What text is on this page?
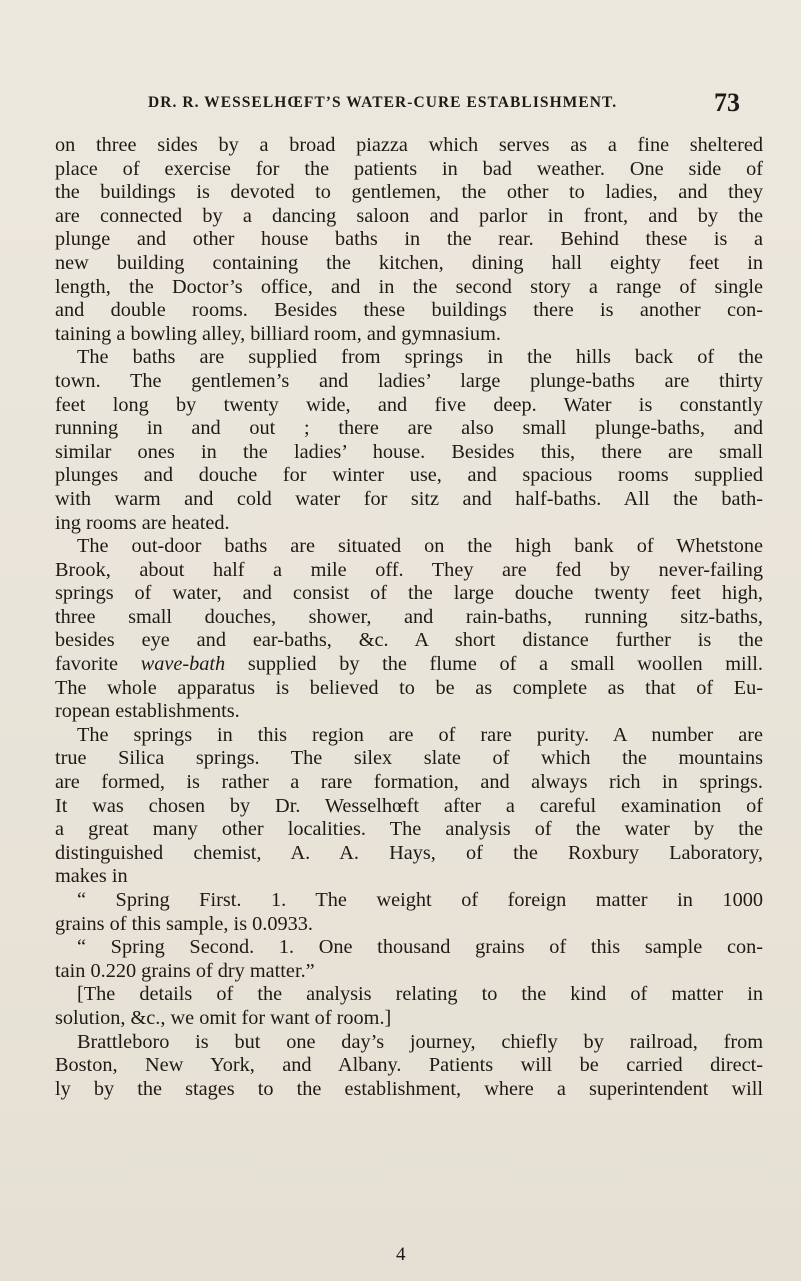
DR. R. WESSELHŒFT’S WATER-CURE ESTABLISHMENT.	73
on three sides by a broad piazza which serves as a fine sheltered
place of exercise for the patients in bad weather. One side of
the buildings is devoted to gentlemen, the other to ladies, and they
are connected by a dancing saloon and parlor in front, and by the
plunge and other house baths in the rear. Behind these is a
new building containing the kitchen, dining hall eighty feet in
length, the Doctor’s office, and in the second story a range of single
and double rooms. Besides these buildings there is another con-
taining a bowling alley, billiard room, and gymnasium.
The baths are supplied from springs in the hills back of the
town. The gentlemen’s and ladies’ large plunge-baths are thirty
feet long by twenty wide, and five deep. Water is constantly
running in and out ; there are also small plunge-baths, and
similar ones in the ladies’ house. Besides this, there are small
plunges and douche for winter use, and spacious rooms supplied
with warm and cold water for sitz and half-baths. All the bath-
ing rooms are heated.
The out-door baths are situated on the high bank of Whetstone
Brook, about half a mile off. They are fed by never-failing
springs of water, and consist of the large douche twenty feet high,
three small douches, shower, and rain-baths, running sitz-baths,
besides eye and ear-baths, &c. A short distance further is the
favorite wave-bath supplied by the flume of a small woollen mill.
The whole apparatus is believed to be as complete as that of Eu-
ropean establishments.
The springs in this region are of rare purity. A number are
true Silica springs. The silex slate of which the mountains
are formed, is rather a rare formation, and always rich in springs.
It was chosen by Dr. Wesselhœft after a careful examination of
a great many other localities. The analysis of the water by the
distinguished chemist, A. A. Hays, of the Roxbury Laboratory,
makes in
“ Spring First. 1. The weight of foreign matter in 1000
grains of this sample, is 0.0933.
“ Spring Second. 1. One thousand grains of this sample con-
tain 0.220 grains of dry matter.”
[The details of the analysis relating to the kind of matter in
solution, &c., we omit for want of room.]
Brattleboro is but one day’s journey, chiefly by railroad, from
Boston, New York, and Albany. Patients will be carried direct-
ly by the stages to the establishment, where a superintendent will
4
